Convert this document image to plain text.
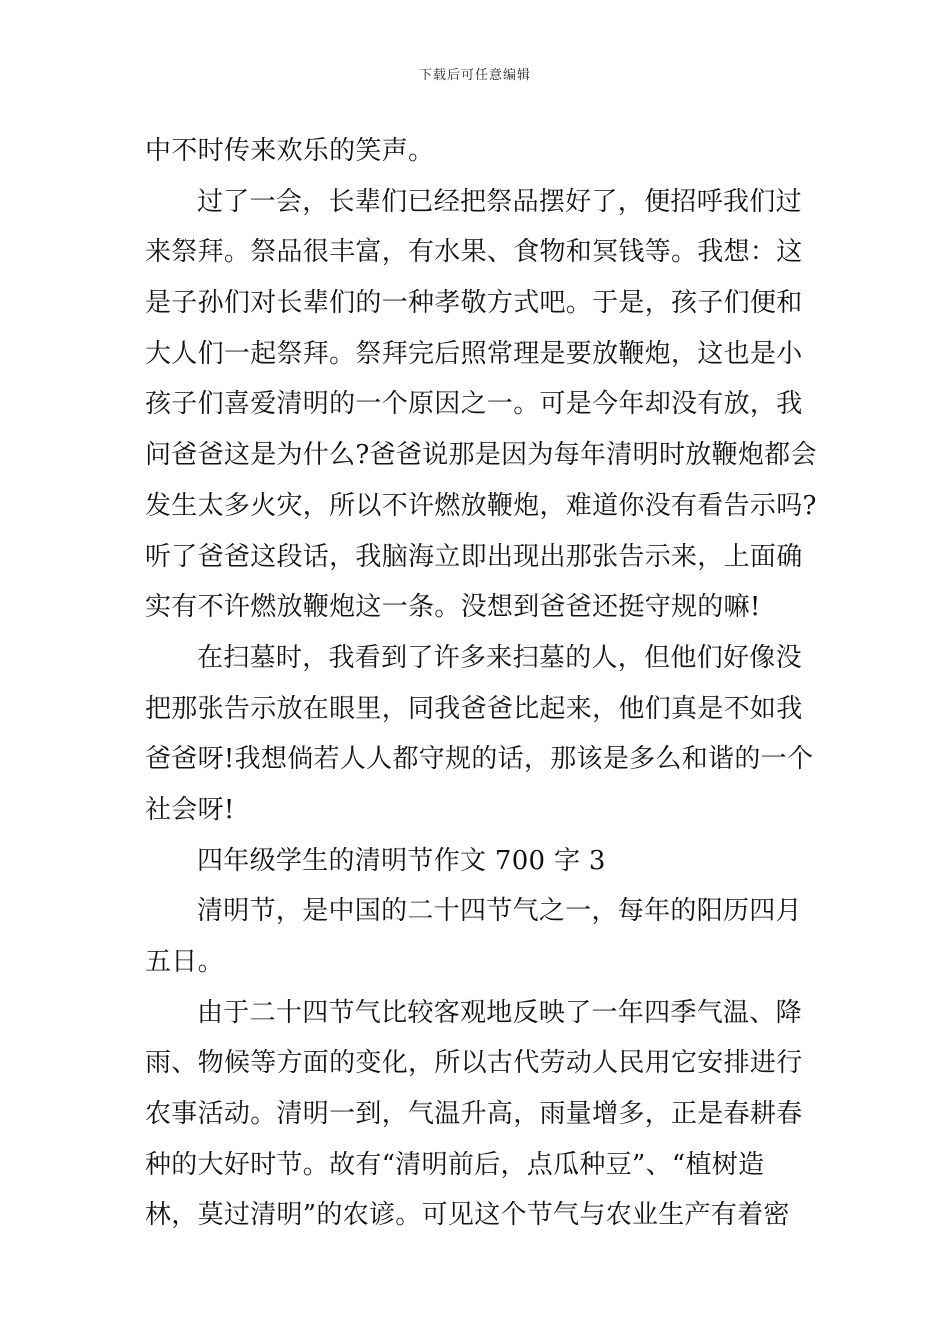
下载后可任意编辑
中不时传来欢乐的笑声。
过了一会，长辈们已经把祭品摆好了，便招呼我们过
来祭拜。祭品很丰富，有水果、食物和冥钱等。我想：这
是子孙们对长辈们的一种孝敬方式吧。于是，孩子们便和
大人们一起祭拜。祭拜完后照常理是要放鞭炮，这也是小
孩子们喜爱清明的一个原因之一。可是今年却没有放，我
问爸爸这是为什么?爸爸说那是因为每年清明时放鞭炮都会
发生太多火灾，所以不许燃放鞭炮，难道你没有看告示吗?
听了爸爸这段话，我脑海立即出现出那张告示来，上面确
实有不许燃放鞭炮这一条。没想到爸爸还挺守规的嘛!
在扫墓时，我看到了许多来扫墓的人，但他们好像没
把那张告示放在眼里，同我爸爸比起来，他们真是不如我
爸爸呀!我想倘若人人都守规的话，那该是多么和谐的一个
社会呀!
四年级学生的清明节作文 700 字 3
清明节，是中国的二十四节气之一，每年的阳历四月
五日。
由于二十四节气比较客观地反映了一年四季气温、降
雨、物候等方面的变化，所以古代劳动人民用它安排进行
农事活动。清明一到，气温升高，雨量增多，正是春耕春
种的大好时节。故有“清明前后，点瓜种豆”、“植树造
林，莫过清明”的农谚。可见这个节气与农业生产有着密
